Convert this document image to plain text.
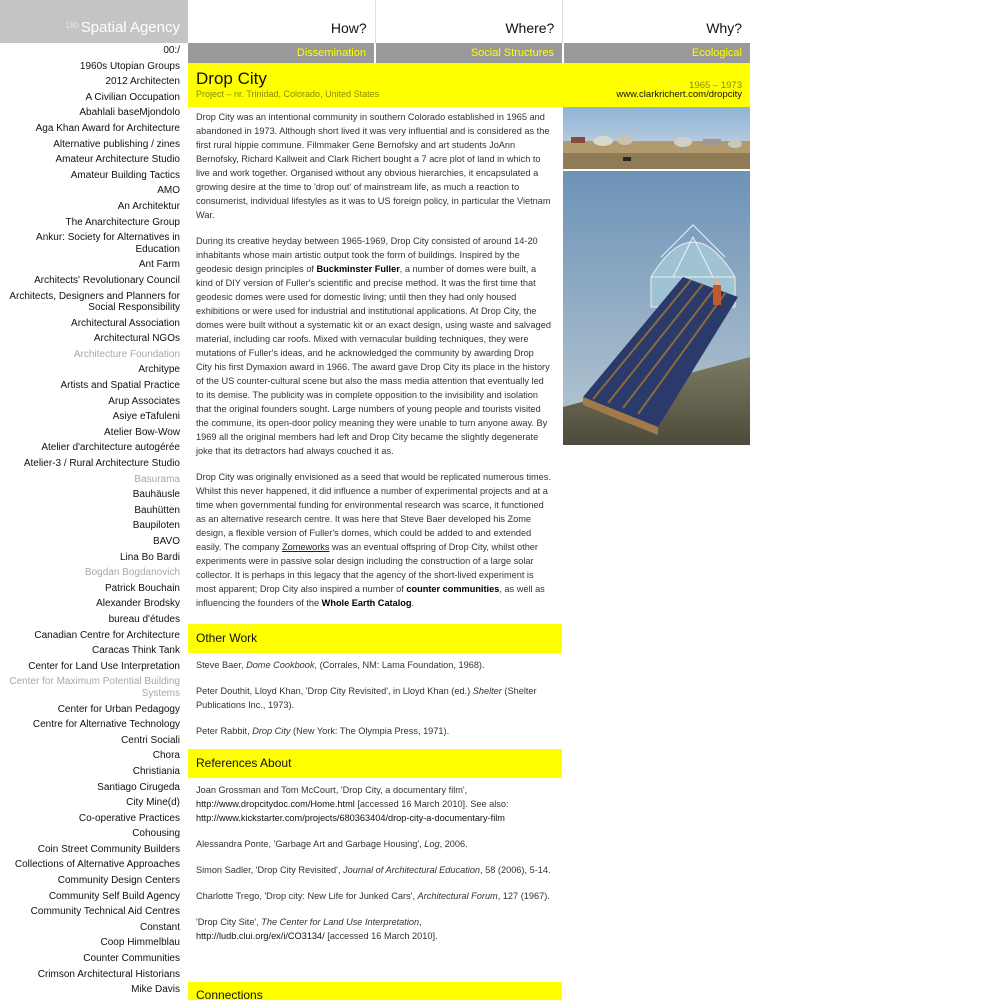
$^{180}$ Spatial Agency
00:/
1960s Utopian Groups
2012 Architecten
A Civilian Occupation
Abahlali baseMjondolo
Aga Khan Award for Architecture
Alternative publishing / zines
Amateur Architecture Studio
Amateur Building Tactics
AMO
An Architektur
The Anarchitecture Group
Ankur: Society for Alternatives in Education
Ant Farm
Architects' Revolutionary Council
Architects, Designers and Planners for Social Responsibility
Architectural Association
Architectural NGOs
Architecture Foundation
Architype
Artists and Spatial Practice
Arup Associates
Asiye eTafuleni
Atelier Bow-Wow
Atelier d'architecture autogérée
Atelier-3 / Rural Architecture Studio
Basurama
Bauhäusle
Bauhütten
Baupiloten
BAVO
Lina Bo Bardi
Bogdan Bogdanovich
Patrick Bouchain
Alexander Brodsky
bureau d'études
Canadian Centre for Architecture
Caracas Think Tank
Center for Land Use Interpretation
Center for Maximum Potential Building Systems
Center for Urban Pedagogy
Centre for Alternative Technology
Centri Sociali
Chora
Christiania
Santiago Cirugeda
City Mine(d)
Co-operative Practices
Cohousing
Coin Street Community Builders
Collections of Alternative Approaches
Community Design Centers
Community Self Build Agency
Community Technical Aid Centres
Constant
Coop Himmelblau
Counter Communities
Crimson Architectural Historians
Mike Davis
How?	Where?	Why?
Dissemination	Social Structures	Ecological
Drop City
Project – nr. Trinidad, Colorado, United States
1965 – 1973
www.clarkrichert.com/dropcity

Drop City was an intentional community in southern Colorado established in 1965 and abandoned in 1973. Although short lived it was very influential and is considered as the first rural hippie commune. Filmmaker Gene Bernofsky and art students JoAnn Bernofsky, Richard Kallweit and Clark Richert bought a 7 acre plot of land in which to live and work together. Organised without any obvious hierarchies, it encapsulated a growing desire at the time to 'drop out' of mainstream life, as much a reaction to consumerist, individual lifestyles as it was to US foreign policy, in particular the Vietnam War.

During its creative heyday between 1965-1969, Drop City consisted of around 14-20 inhabitants whose main artistic output took the form of buildings. Inspired by the geodesic design principles of Buckminster Fuller, a number of domes were built, a kind of DIY version of Fuller's scientific and precise method. It was the first time that geodesic domes were used for domestic living; until then they had only housed exhibitions or were used for industrial and institutional applications. At Drop City, the domes were built without a systematic kit or an exact design, using waste and salvaged material, including car roofs. Mixed with vernacular building techniques, they were mutations of Fuller's ideas, and he acknowledged the community by awarding Drop City his first Dymaxion award in 1966. The award gave Drop City its place in the history of the US counter-cultural scene but also the mass media attention that eventually led to its demise. The publicity was in complete opposition to the invisibility and isolation that the original founders sought. Large numbers of young people and tourists visited the commune, its open-door policy meaning they were unable to turn anyone away. By 1969 all the original members had left and Drop City became the slightly degenerate joke that its detractors had always couched it as.

Drop City was originally envisioned as a seed that would be replicated numerous times. Whilst this never happened, it did influence a number of experimental projects and at a time when governmental funding for environmental research was scarce, it functioned as an alternative research centre. It was here that Steve Baer developed his Zome design, a flexible version of Fuller's domes, which could be added to and extended easily. The company Zomeworks was an eventual offspring of Drop City, whilst other experiments were in passive solar design including the construction of a large solar collector. It is perhaps in this legacy that the agency of the short-lived experiment is most apparent; Drop City also inspired a number of counter communities, as well as influencing the founders of the Whole Earth Catalog.

Other Work

Steve Baer, Dome Cookbook, (Corrales, NM: Lama Foundation, 1968).

Peter Douthit, Lloyd Khan, 'Drop City Revisited', in Lloyd Khan (ed.) Shelter (Shelter Publications Inc., 1973).

Peter Rabbit, Drop City (New York: The Olympia Press, 1971).

References About

Joan Grossman and Tom McCourt, 'Drop City, a documentary film', http://www.dropcitydoc.com/Home.html [accessed 16 March 2010]. See also: http://www.kickstarter.com/projects/680363404/drop-city-a-documentary-film

Alessandra Ponte, 'Garbage Art and Garbage Housing', Log, 2006.

Simon Sadler, 'Drop City Revisited', Journal of Architectural Education, 58 (2006), 5-14.

Charlotte Trego, 'Drop city: New Life for Junked Cars', Architectural Forum, 127 (1967).

'Drop City Site', The Center for Land Use Interpretation, http://ludb.clui.org/ex/i/CO3134/ [accessed 16 March 2010].

Connections
